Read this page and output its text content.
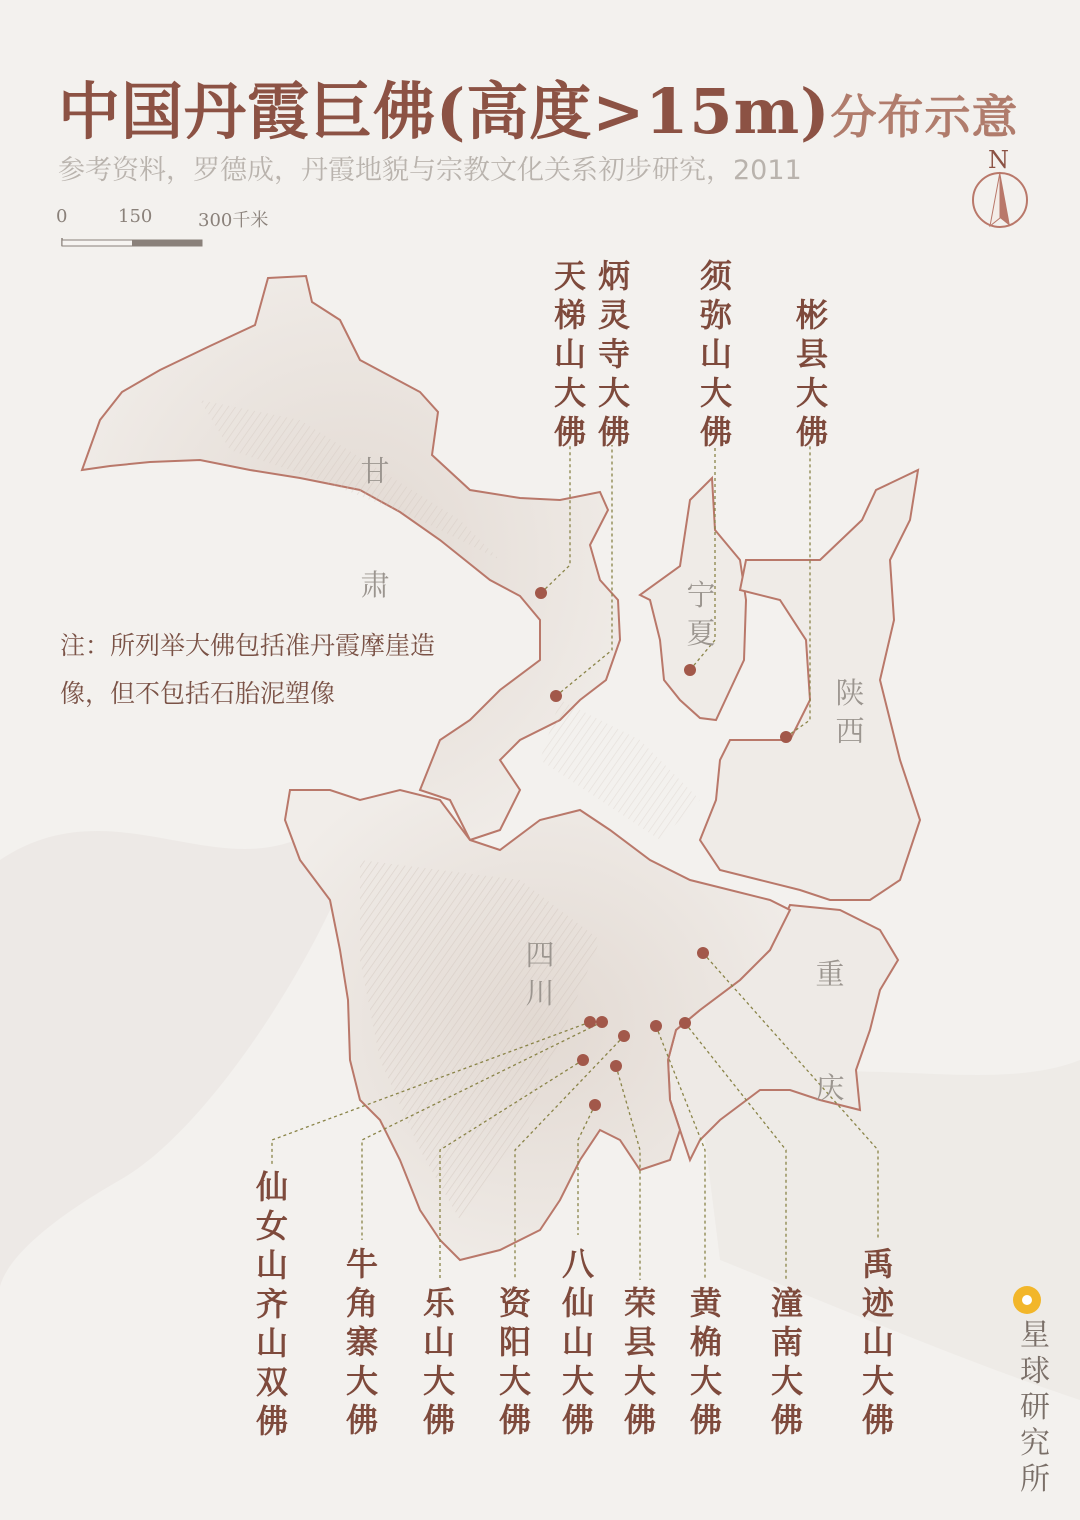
中国丹霞巨佛(高度>15m)分布示意
参考资料，罗德成，丹霞地貌与宗教文化关系初步研究，2011
0	150	300千米
N
注：所列举大佛包括准丹霞摩崖造像，但不包括石胎泥塑像
甘

肃	宁
夏
陕
西
四
川
重

庆
天梯山大佛
炳灵寺大佛
须弥山大佛
彬县大佛
仙女山齐山双佛
牛角寨大佛
乐山大佛
资阳大佛
八仙山大佛
荣县大佛
黄桷大佛
潼南大佛
禹迹山大佛
星球研究所
